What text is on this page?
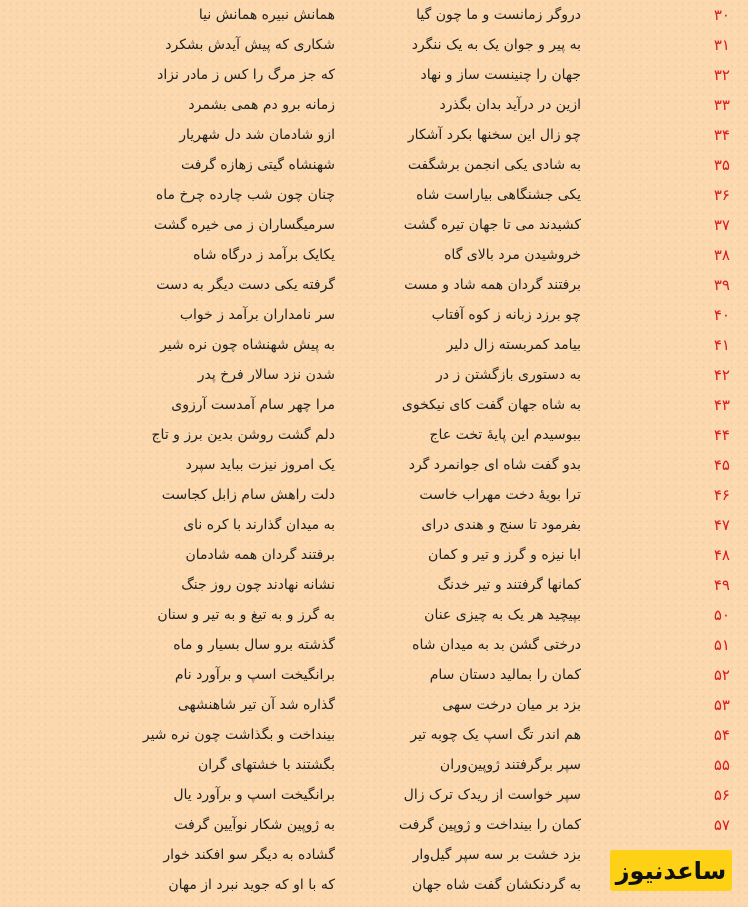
۳۰
دروگر زمانست و ما چون گیا
همانش نبیره همانش نیا
۳۱
به پیر و جوان یک به یک ننگرد
شکاری که پیش آیدش بشکرد
۳۲
جهان را چنینست ساز و نهاد
که جز مرگ را کس ز مادر نزاد
۳۳
ازین در درآید بدان بگذرد
زمانه برو دم همی بشمرد
۳۴
چو زال این سخنها بکرد آشکار
ازو شادمان شد دل شهریار
۳۵
به شادی یکی انجمن برشگفت
شهنشاه گیتی زهازه گرفت
۳۶
یکی جشنگاهی بیاراست شاه
چنان چون شب چارده چرخ ماه
۳۷
کشیدند می تا جهان تیره گشت
سرمیگساران ز می خیره گشت
۳۸
خروشیدن مرد بالای گاه
یکایک برآمد ز درگاه شاه
۳۹
برفتند گردان همه شاد و مست
گرفته یکی دست دیگر به دست
۴۰
چو برزد زبانه ز کوه آفتاب
سر نامداران برآمد ز خواب
۴۱
بیامد کمربسته زال دلیر
به پیش شهنشاه چون نره شیر
۴۲
به دستوری بازگشتن ز در
شدن نزد سالار فرخ پدر
۴۳
به شاه جهان گفت کای نیکخوی
مرا چهر سام آمدست آرزوی
۴۴
ببوسیدم این پایهٔ تخت عاج
دلم گشت روشن بدین برز و تاج
۴۵
بدو گفت شاه ای جوانمرد گرد
یک امروز نیزت بباید سپرد
۴۶
ترا بویهٔ دخت مهراب خاست
دلت راهش سام زابل کجاست
۴۷
بفرمود تا سنج و هندی درای
به میدان گذارند با کره نای
۴۸
ابا نیزه و گرز و تیر و کمان
برفتند گردان همه شادمان
۴۹
کمانها گرفتند و تیر خدنگ
نشانه نهادند چون روز جنگ
۵۰
بپیچید هر یک به چیزی عنان
به گرز و به تیغ و به تیر و سنان
۵۱
درختی گشن بد به میدان شاه
گذشته برو سال بسیار و ماه
۵۲
کمان را بمالید دستان سام
برانگیخت اسپ و برآورد نام
۵۳
بزد بر میان درخت سهی
گذاره شد آن تیر شاهنشهی
۵۴
هم اندر تگ اسپ یک چوبه تیر
بینداخت و بگذاشت چون نره شیر
۵۵
سپر برگرفتند ژوپین‌وران
بگشتند با خشتهای گران
۵۶
سپر خواست از ریدک ترک زال
برانگیخت اسپ و برآورد یال
۵۷
کمان را بینداخت و ژوپین گرفت
به ژوپین شکار نوآیین گرفت
بزد خشت بر سه سپر گیل‌وار
گشاده به دیگر سو افکند خوار
به گردنکشان گفت شاه جهان
که با او که جوید نبرد از مهان
ساعدنیوز
